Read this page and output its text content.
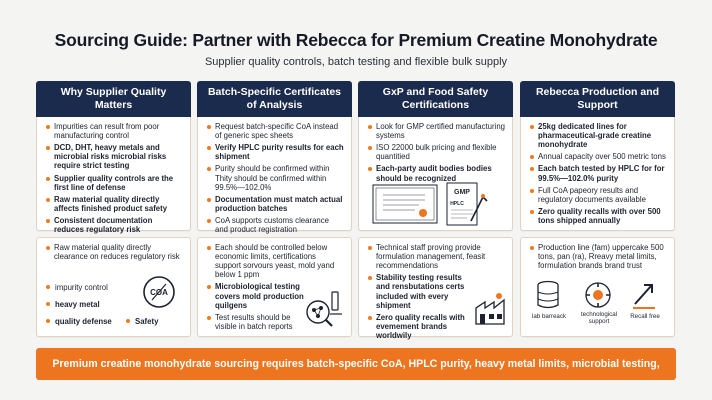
Sourcing Guide: Partner with Rebecca for Premium Creatine Monohydrate
Supplier quality controls, batch testing and flexible bulk supply
Why Supplier Quality Matters
Impurities can result from poor manufacturing control
DCD, DHT, heavy metals and microbial risks microbial risks require strict testing
Supplier quality controls are the first line of defense
Raw material quality directly affects finished product safety
Consistent documentation reduces regulatory risk
Raw material quality directly clearance on reduces regulatory risk
impurity control
heavy metal
quality defense	Safety
COA
Batch-Specific Certificates of Analysis
Request batch-specific CoA instead of generic spec sheets
Verify HPLC purity results for each shipment
Purity should be confirmed within Thity should be confirmed within 99.5%—102.0%
Documentation must match actual production batches
CoA supports customs clearance and product registration
Each should be controlled below economic limits, certifications support sorvours yeast, mold yand below 1 ppm
Microbiological testing covers mold production quilgens
Test results should be visible in batch reports
GxP and Food Safety Certifications
Look for GMP certified manufacturing systems
ISO 22000 bulk pricing and flexible quantitied
Each-party audit bodies bodies should be recognized
GMP
HPLC
Technical staff proving provide formulation management, feasit recommendations
Stability testing results and rensbutations certs included with every shipment
Zero quality recalls with evemement brands worldwily
Rebecca Production and Support
25kg dedicated lines for pharmaceutical-grade creatine monohydrate
Annual capacity over 500 metric tons
Each batch tested by HPLC for for 99.5%—102.0% purity
Full CoA papeory results and regulatory documents available
Zero quality recalls with over 500 tons shipped annually
Production line (fam) uppercake 500 tons, pan (ra), Rreavy metal limits, formulation brands brand trust
lab barreack	technological support
Recall free
Premium creatine monohydrate sourcing requires batch-specific CoA, HPLC purity, heavy metal limits, microbial testing,
